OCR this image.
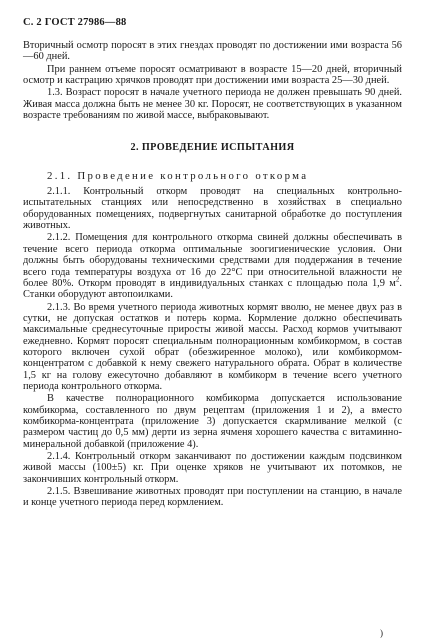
С. 2 ГОСТ 27986—88

Вторичный осмотр поросят в этих гнездах проводят по достижении ими возраста 56—60 дней.

При раннем отъеме поросят осматривают в возрасте 15—20 дней, вторичный осмотр и кастрацию хрячков проводят при достижении ими возраста 25—30 дней.

1.3. Возраст поросят в начале учетного периода не должен превышать 90 дней. Живая масса должна быть не менее 30 кг. Поросят, не соответствующих в указанном возрасте требованиям по живой массе, выбраковывают.

2. ПРОВЕДЕНИЕ ИСПЫТАНИЯ
2.1. Проведение контрольного откорма

2.1.1. Контрольный откорм проводят на специальных контрольно-испытательных станциях или непосредственно в хозяйствах в специально оборудованных помещениях, подвергнутых санитарной обработке до поступления животных.

2.1.2. Помещения для контрольного откорма свиней должны обеспечивать в течение всего периода откорма оптимальные зоогигиенические условия. Они должны быть оборудованы техническими средствами для поддержания в течение всего года температуры воздуха от 16 до 22°С при относительной влажности не более 80%. Откорм проводят в индивидуальных станках с площадью пола 1,9 $м^2$. Станки оборудуют автопоилками.

2.1.3. Во время учетного периода животных кормят вволю, не менее двух раз в сутки, не допуская остатков и потерь корма. Кормление должно обеспечивать максимальные среднесуточные приросты живой массы. Расход кормов учитывают ежедневно. Кормят поросят специальным полнорационным комбикормом, в состав которого включен сухой обрат (обезжиренное молоко), или комбикормом-концентратом с добавкой к нему свежего натурального обрата. Обрат в количестве 1,5 кг на голову ежесуточно добавляют в комбикорм в течение всего учетного периода контрольного откорма.

В качестве полнорационного комбикорма допускается использование комбикорма, составленного по двум рецептам (приложения 1 и 2), а вместо комбикорма-концентрата (приложение 3) допускается скармливание мелкой (с размером частиц до 0,5 мм) дерти из зерна ячменя хорошего качества с витаминно-минеральной добавкой (приложение 4).

2.1.4. Контрольный откорм заканчивают по достижении каждым подсвинком живой массы (100±5) кг. При оценке хряков не учитывают их потомков, не закончивших контрольный откорм.

2.1.5. Взвешивание животных проводят при поступлении на станцию, в начале и конце учетного периода перед кормлением.

)
